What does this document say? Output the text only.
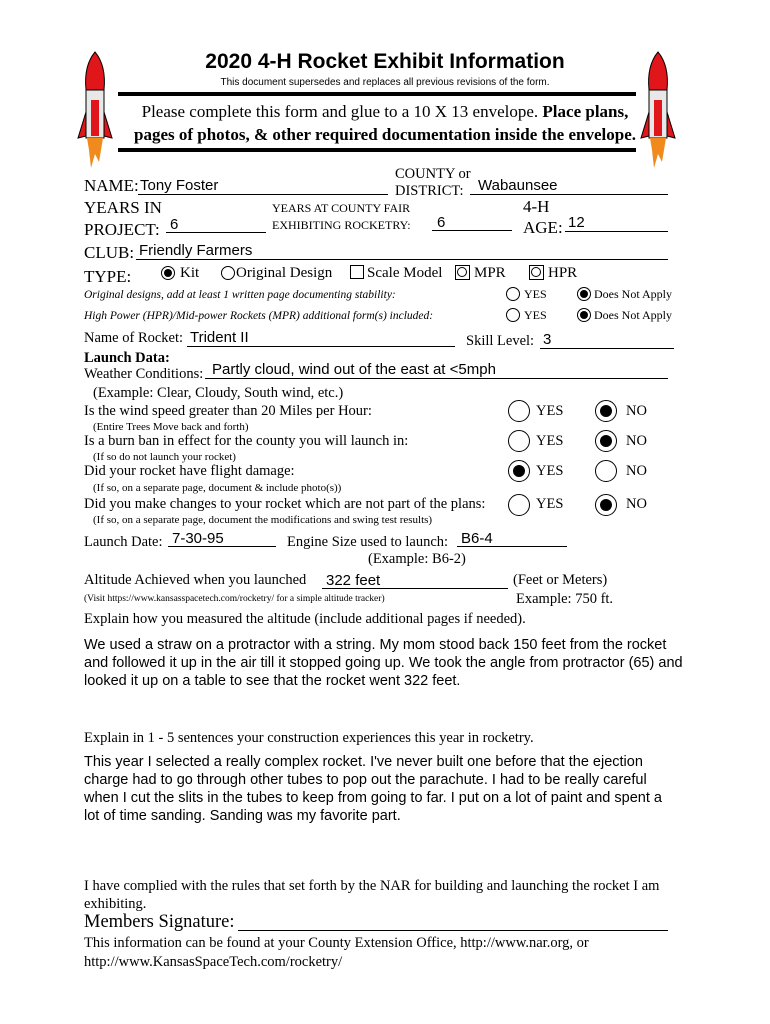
2020 4-H Rocket Exhibit Information
This document supersedes and replaces all previous revisions of the form.
Please complete this form and glue to a 10 X 13 envelope. Place plans,
pages of photos, & other required documentation inside the envelope.
NAME: Tony Foster
COUNTY or
DISTRICT: Wabaunsee
YEARS IN
PROJECT: 6
YEARS AT COUNTY FAIR
EXHIBITING ROCKETRY: 6
4-H
AGE: 12
CLUB: Friendly Farmers
TYPE:	Kit Original Design Scale Model MPR	HPR
Original designs, add at least 1 written page documenting stability:	YES	Does Not Apply
High Power (HPR)/Mid-power Rockets (MPR) additional form(s) included:	YES	Does Not Apply
Name of Rocket: Trident II	Skill Level: 3
Launch Data:
Weather Conditions: Partly cloud, wind out of the east at <5mph
(Example: Clear, Cloudy, South wind, etc.)
Is the wind speed greater than 20 Miles per Hour:
(Entire Trees Move back and forth)
YES	NO
Is a burn ban in effect for the county you will launch in:
(If so do not launch your rocket)
YES	NO
Did your rocket have flight damage:
(If so, on a separate page, document & include photo(s))
YES	NO
Did you make changes to your rocket which are not part of the plans:
(If so, on a separate page, document the modifications and swing test results)
YES	NO
Launch Date: 7-30-95	Engine Size used to launch: B6-4
(Example: B6-2)
Altitude Achieved when you launched 322 feet	(Feet or Meters)
(Visit https://www.kansasspacetech.com/rocketry/ for a simple altitude tracker)	Example: 750 ft.
Explain how you measured the altitude (include additional pages if needed).
We used a straw on a protractor with a string. My mom stood back 150 feet from the rocket and followed it up in the air till it stopped going up. We took the angle from protractor (65) and looked it up on a table to see that the rocket went 322 feet.
Explain in 1 - 5 sentences your construction experiences this year in rocketry.
This year I selected a really complex rocket. I've never built one before that the ejection charge had to go through other tubes to pop out the parachute. I had to be really careful when I cut the slits in the tubes to keep from going to far. I put on a lot of paint and spent a lot of time sanding. Sanding was my favorite part.
I have complied with the rules that set forth by the NAR for building and launching the rocket I am exhibiting.
Members Signature:
This information can be found at your County Extension Office, http://www.nar.org, or
http://www.KansasSpaceTech.com/rocketry/
